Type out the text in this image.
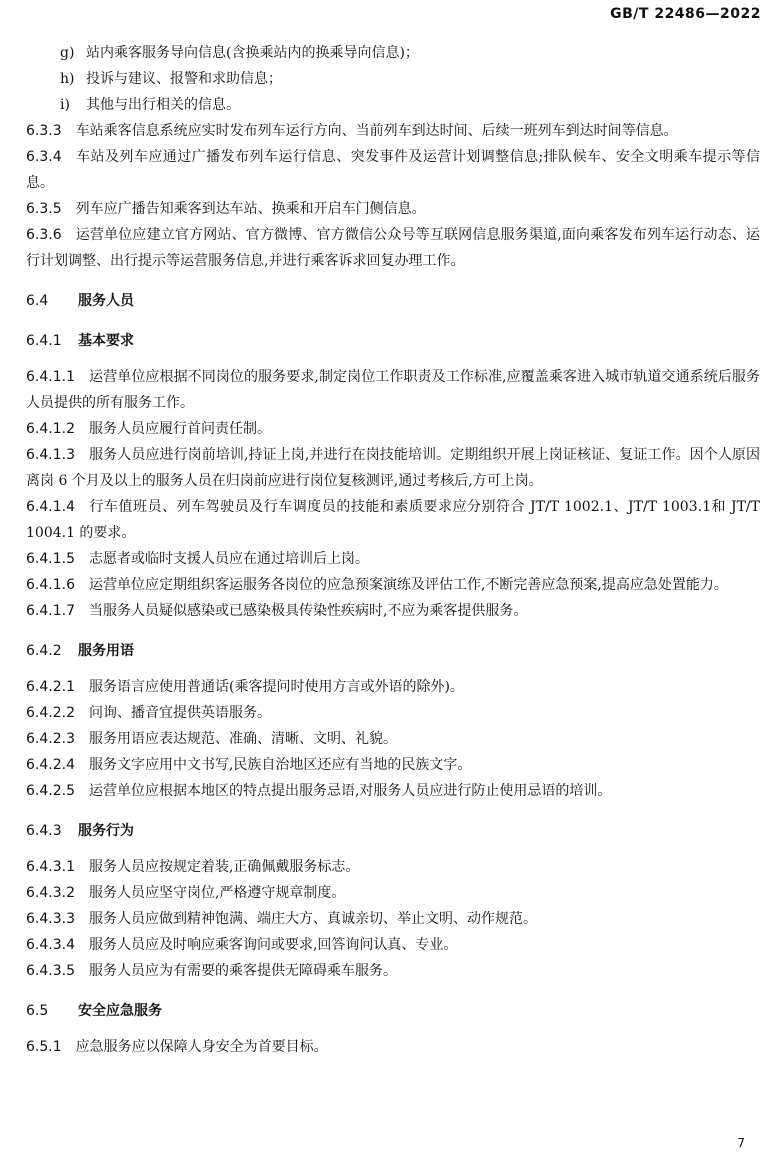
GB/T 22486—2022

g) 站内乘客服务导向信息(含换乘站内的换乘导向信息)；

h) 投诉与建议、报警和求助信息；

i) 其他与出行相关的信息。

6.3.3 车站乘客信息系统应实时发布列车运行方向、当前列车到达时间、后续一班列车到达时间等信息。

6.3.4 车站及列车应通过广播发布列车运行信息、突发事件及运营计划调整信息;排队候车、安全文明乘车提示等信息。

6.3.5 列车应广播告知乘客到达车站、换乘和开启车门侧信息。

6.3.6 运营单位应建立官方网站、官方微博、官方微信公众号等互联网信息服务渠道,面向乘客发布列车运行动态、运行计划调整、出行提示等运营服务信息,并进行乘客诉求回复办理工作。

6.4 服务人员
6.4.1 基本要求

6.4.1.1 运营单位应根据不同岗位的服务要求,制定岗位工作职责及工作标准,应覆盖乘客进入城市轨道交通系统后服务人员提供的所有服务工作。

6.4.1.2 服务人员应履行首问责任制。

6.4.1.3 服务人员应进行岗前培训,持证上岗,并进行在岗技能培训。定期组织开展上岗证核证、复证工作。因个人原因离岗 6 个月及以上的服务人员在归岗前应进行岗位复核测评,通过考核后,方可上岗。

6.4.1.4 行车值班员、列车驾驶员及行车调度员的技能和素质要求应分别符合 JT/T 1002.1、JT/T 1003.1和 JT/T 1004.1 的要求。

6.4.1.5 志愿者或临时支援人员应在通过培训后上岗。

6.4.1.6 运营单位应定期组织客运服务各岗位的应急预案演练及评估工作,不断完善应急预案,提高应急处置能力。

6.4.1.7 当服务人员疑似感染或已感染极具传染性疾病时,不应为乘客提供服务。

6.4.2 服务用语

6.4.2.1 服务语言应使用普通话(乘客提问时使用方言或外语的除外)。

6.4.2.2 问询、播音宜提供英语服务。

6.4.2.3 服务用语应表达规范、准确、清晰、文明、礼貌。

6.4.2.4 服务文字应用中文书写,民族自治地区还应有当地的民族文字。

6.4.2.5 运营单位应根据本地区的特点提出服务忌语,对服务人员应进行防止使用忌语的培训。

6.4.3 服务行为

6.4.3.1 服务人员应按规定着装,正确佩戴服务标志。

6.4.3.2 服务人员应坚守岗位,严格遵守规章制度。

6.4.3.3 服务人员应做到精神饱满、端庄大方、真诚亲切、举止文明、动作规范。

6.4.3.4 服务人员应及时响应乘客询问或要求,回答询问认真、专业。

6.4.3.5 服务人员应为有需要的乘客提供无障碍乘车服务。

6.5 安全应急服务

6.5.1 应急服务应以保障人身安全为首要目标。

7
